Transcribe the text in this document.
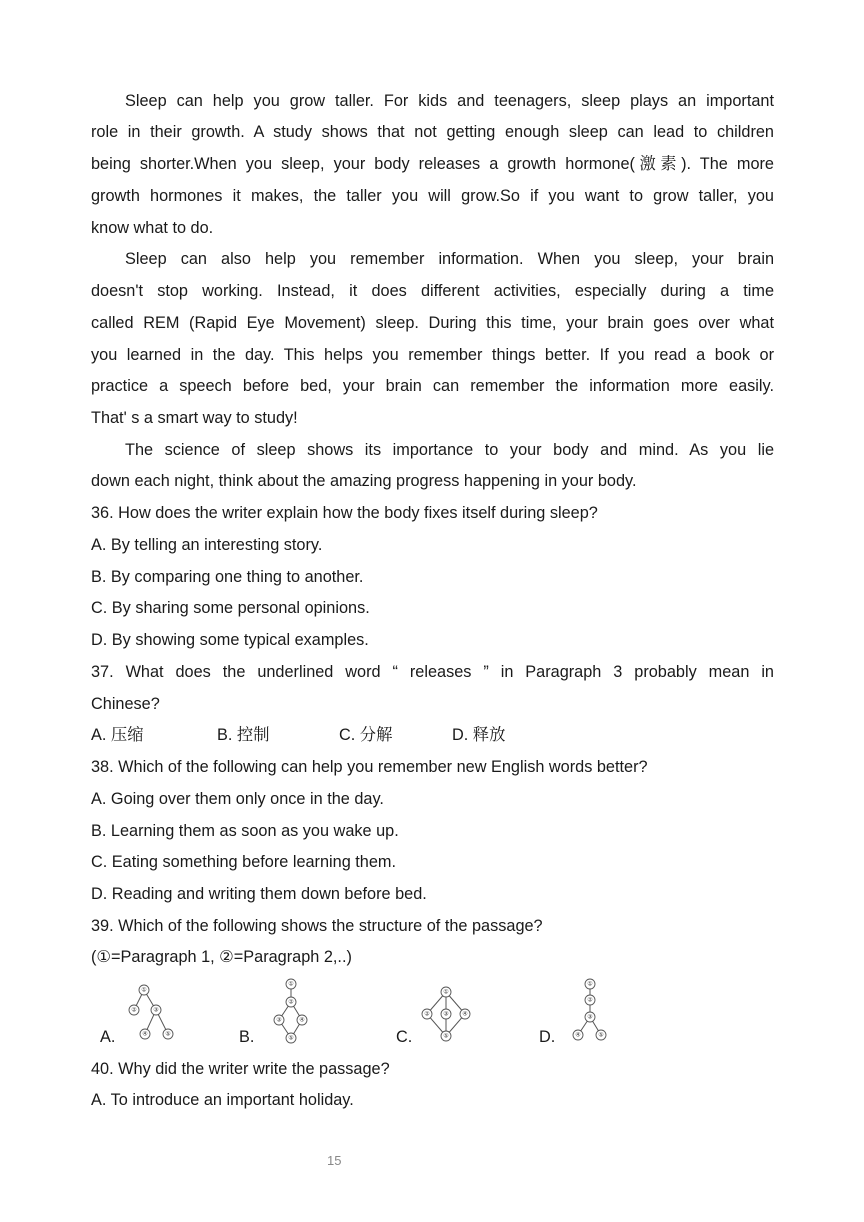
Sleep can help you grow taller. For kids and teenagers, sleep plays an important
role in their growth. A study shows that not getting enough sleep can lead to children
being shorter.When you sleep, your body releases a growth hormone(激素). The more
growth hormones it makes, the taller you will grow.So if you want to grow taller, you
know what to do.
Sleep can also help you remember information. When you sleep, your brain
doesn't stop working. Instead, it does different activities, especially during a time
called REM (Rapid Eye Movement) sleep. During this time, your brain goes over what
you learned in the day. This helps you remember things better. If you read a book or
practice a speech before bed, your brain can remember the information more easily.
That' s a smart way to study!
The science of sleep shows its importance to your body and mind. As you lie
down each night, think about the amazing progress happening in your body.
36. How does the writer explain how the body fixes itself during sleep?
A. By telling an interesting story.
B. By comparing one thing to another.
C. By sharing some personal opinions.
D. By showing some typical examples.
37. What does the underlined word “ releases ” in Paragraph 3 probably mean in
Chinese?
A. 压缩	B. 控制	C. 分解	D. 释放
38. Which of the following can help you remember new English words better?
A. Going over them only once in the day.
B. Learning them as soon as you wake up.
C. Eating something before learning them.
D. Reading and writing them down before bed.
39. Which of the following shows the structure of the passage?
(①=Paragraph 1, ②=Paragraph 2,..)
A.
①
②	③
④	⑤	B.
①
②
③	④
⑤	C.
①
② ③ ④
⑤	D.
①
②
③
④	⑤
40. Why did the writer write the passage?
A. To introduce an important holiday.
15
